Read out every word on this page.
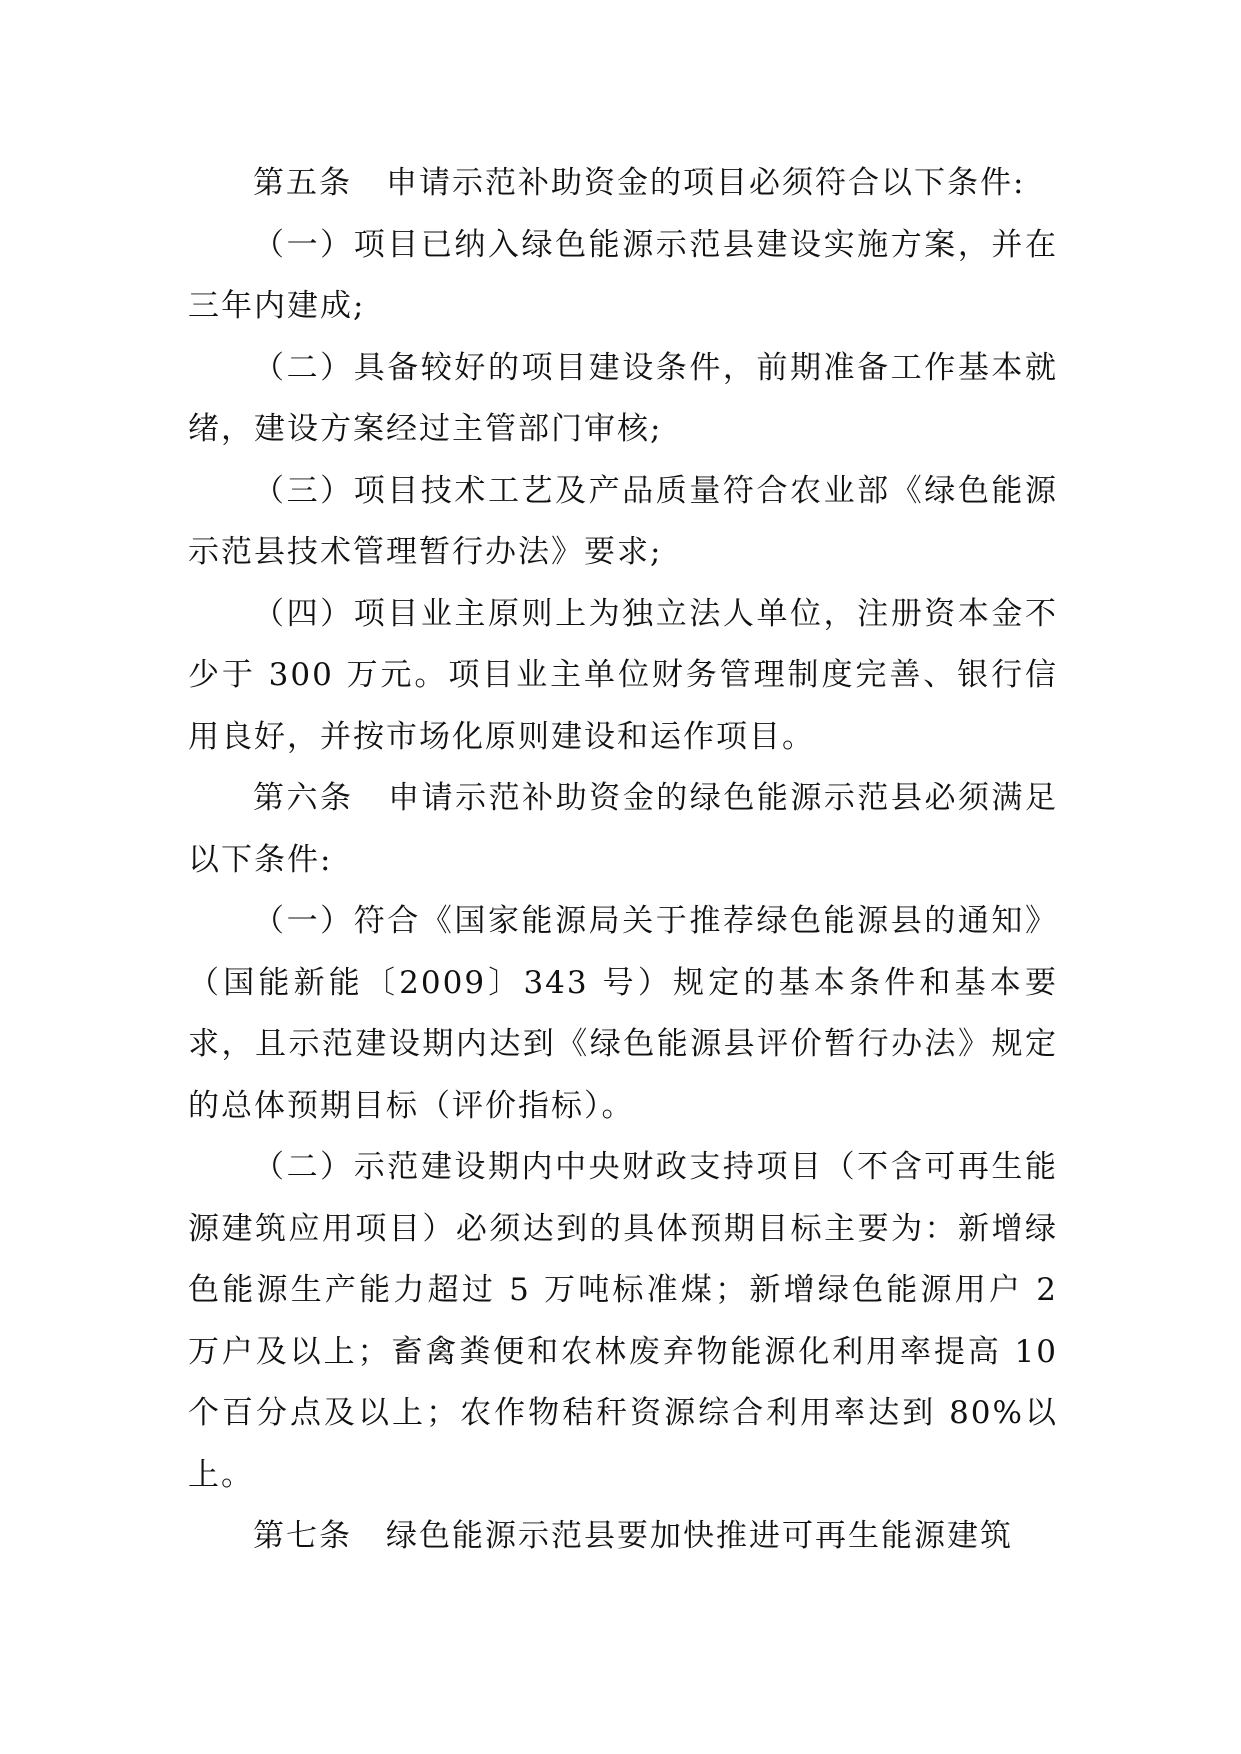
第五条 申请示范补助资金的项目必须符合以下条件:

（一）项目已纳入绿色能源示范县建设实施方案，并在三年内建成;

（二）具备较好的项目建设条件，前期准备工作基本就绪，建设方案经过主管部门审核;

（三）项目技术工艺及产品质量符合农业部《绿色能源示范县技术管理暂行办法》要求;

（四）项目业主原则上为独立法人单位，注册资本金不少于 300 万元。项目业主单位财务管理制度完善、银行信用良好，并按市场化原则建设和运作项目。

第六条 申请示范补助资金的绿色能源示范县必须满足以下条件:

（一）符合《国家能源局关于推荐绿色能源县的通知》（国能新能〔2009〕343 号）规定的基本条件和基本要求，且示范建设期内达到《绿色能源县评价暂行办法》规定的总体预期目标（评价指标）。

（二）示范建设期内中央财政支持项目（不含可再生能源建筑应用项目）必须达到的具体预期目标主要为：新增绿色能源生产能力超过 5 万吨标准煤；新增绿色能源用户 2 万户及以上；畜禽粪便和农林废弃物能源化利用率提高 10 个百分点及以上；农作物秸秆资源综合利用率达到 80%以上。

第七条 绿色能源示范县要加快推进可再生能源建筑
